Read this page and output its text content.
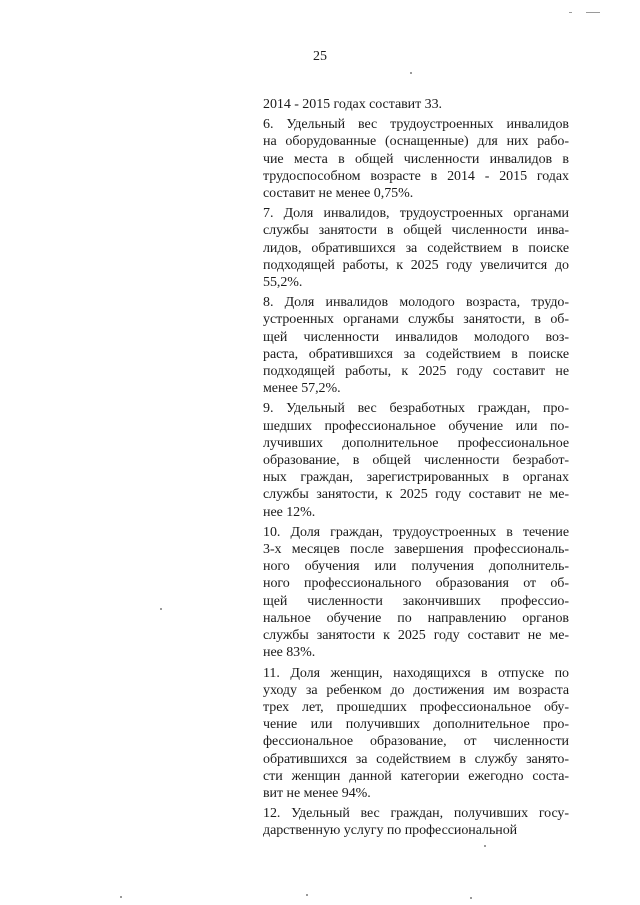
25
2014 - 2015 годах составит 33.
6. Удельный вес трудоустроенных инвалидов
на оборудованные (оснащенные) для них рабо-
чие места в общей численности инвалидов в
трудоспособном возрасте в 2014 - 2015 годах
составит не менее 0,75%.
7. Доля инвалидов, трудоустроенных органами
службы занятости в общей численности инва-
лидов, обратившихся за содействием в поиске
подходящей работы, к 2025 году увеличится до
55,2%.
8. Доля инвалидов молодого возраста, трудо-
устроенных органами службы занятости, в об-
щей численности инвалидов молодого воз-
раста, обратившихся за содействием в поиске
подходящей работы, к 2025 году составит не
менее 57,2%.
9. Удельный вес безработных граждан, про-
шедших профессиональное обучение или по-
лучивших дополнительное профессиональное
образование, в общей численности безработ-
ных граждан, зарегистрированных в органах
службы занятости, к 2025 году составит не ме-
нее 12%.
10. Доля граждан, трудоустроенных в течение
3-х месяцев после завершения профессиональ-
ного обучения или получения дополнитель-
ного профессионального образования от об-
щей численности закончивших профессио-
нальное обучение по направлению органов
службы занятости к 2025 году составит не ме-
нее 83%.
11. Доля женщин, находящихся в отпуске по
уходу за ребенком до достижения им возраста
трех лет, прошедших профессиональное обу-
чение или получивших дополнительное про-
фессиональное образование, от численности
обратившихся за содействием в службу занято-
сти женщин данной категории ежегодно соста-
вит не менее 94%.
12. Удельный вес граждан, получивших госу-
дарственную услугу по профессиональной
